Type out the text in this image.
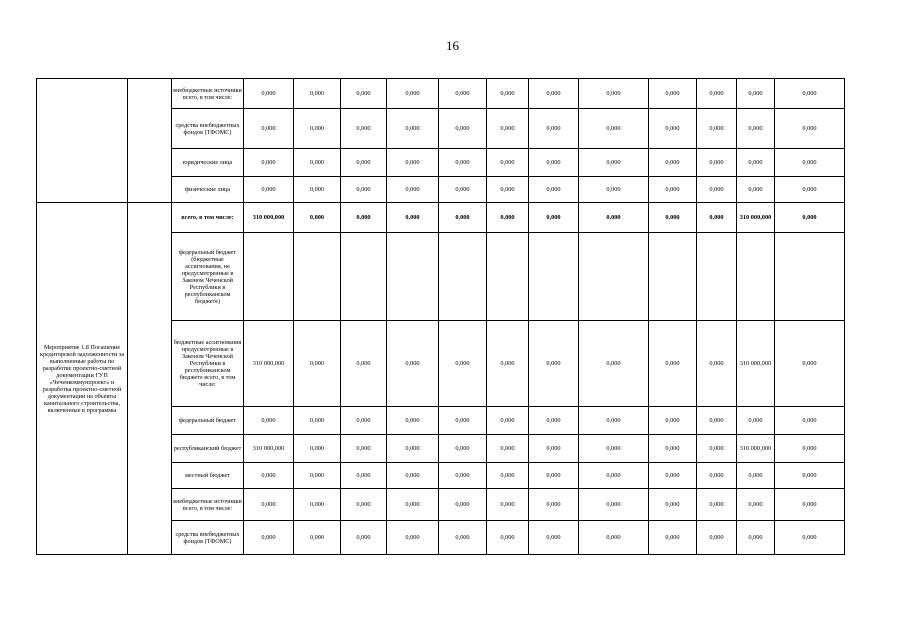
16
		внебюджетные источники всего, в том числе:	0,000	0,000	0,000	0,000	0,000	0,000	0,000	0,000	0,000	0,000	0,000	0,000	
		средства внебюджетных фондов (ТФОМС)	0,000	0,000	0,000	0,000	0,000	0,000	0,000	0,000	0,000	0,000	0,000	0,000	
		юридические лица	0,000	0,000	0,000	0,000	0,000	0,000	0,000	0,000	0,000	0,000	0,000	0,000	
		физические лица	0,000	0,000	0,000	0,000	0,000	0,000	0,000	0,000	0,000	0,000	0,000	0,000	
Мероприятие 1.8 Погашение кредиторской задолженности за выполненные работы по разработке проектно-сметной документации ГУП «Чеченкоммунпроект» и разработка проектно-сметной документации на объекты капитального строительства, включенные в программы		всего, в том числе:	310 000,000	0,000	0,000	0,000	0,000	0,000	0,000	0,000	0,000	0,000	310 000,000	0,000	
		федеральный бюджет (бюджетные ассигнования, не предусмотренные в Законом Чеченской Республики в республиканском бюджете)													
		бюджетные ассигнования предусмотренные в Законом Чеченской Республики в республиканском бюджете всего, в том числе:	310 000,000	0,000	0,000	0,000	0,000	0,000	0,000	0,000	0,000	0,000	310 000,000	0,000	
		федеральный бюджет	0,000	0,000	0,000	0,000	0,000	0,000	0,000	0,000	0,000	0,000	0,000	0,000	
		республиканский бюджет	310 000,000	0,000	0,000	0,000	0,000	0,000	0,000	0,000	0,000	0,000	310 000,000	0,000	
		местный бюджет	0,000	0,000	0,000	0,000	0,000	0,000	0,000	0,000	0,000	0,000	0,000	0,000	
		внебюджетные источники всего, в том числе:	0,000	0,000	0,000	0,000	0,000	0,000	0,000	0,000	0,000	0,000	0,000	0,000	
		средства внебюджетных фондов (ТФОМС)	0,000	0,000	0,000	0,000	0,000	0,000	0,000	0,000	0,000	0,000	0,000	0,000	
